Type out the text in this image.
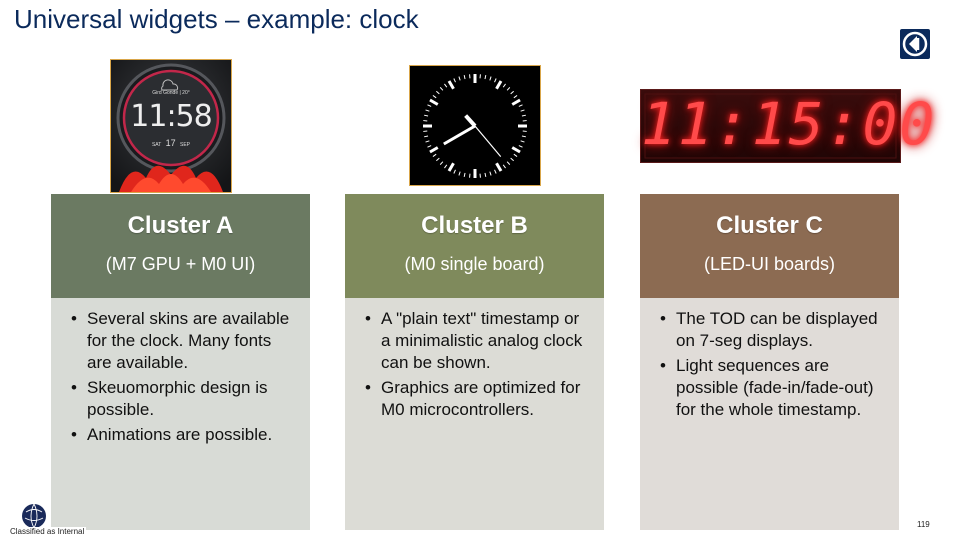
Universal widgets – example: clock
Gird Gonde | 20°
11:58
SAT 17 SEP	11:15:00
Cluster A
(M7 GPU + M0 UI)
• Several skins are available for the clock. Many fonts are available.
• Skeuomorphic design is possible.
• Animations are possible.
Cluster B
(M0 single board)
• A "plain text" timestamp or a minimalistic analog clock can be shown.
• Graphics are optimized for M0 microcontrollers.
Cluster C
(LED-UI boards)
• The TOD can be displayed on 7-seg displays.
• Light sequences are possible (fade-in/fade-out) for the whole timestamp.
Classified as Internal
119
